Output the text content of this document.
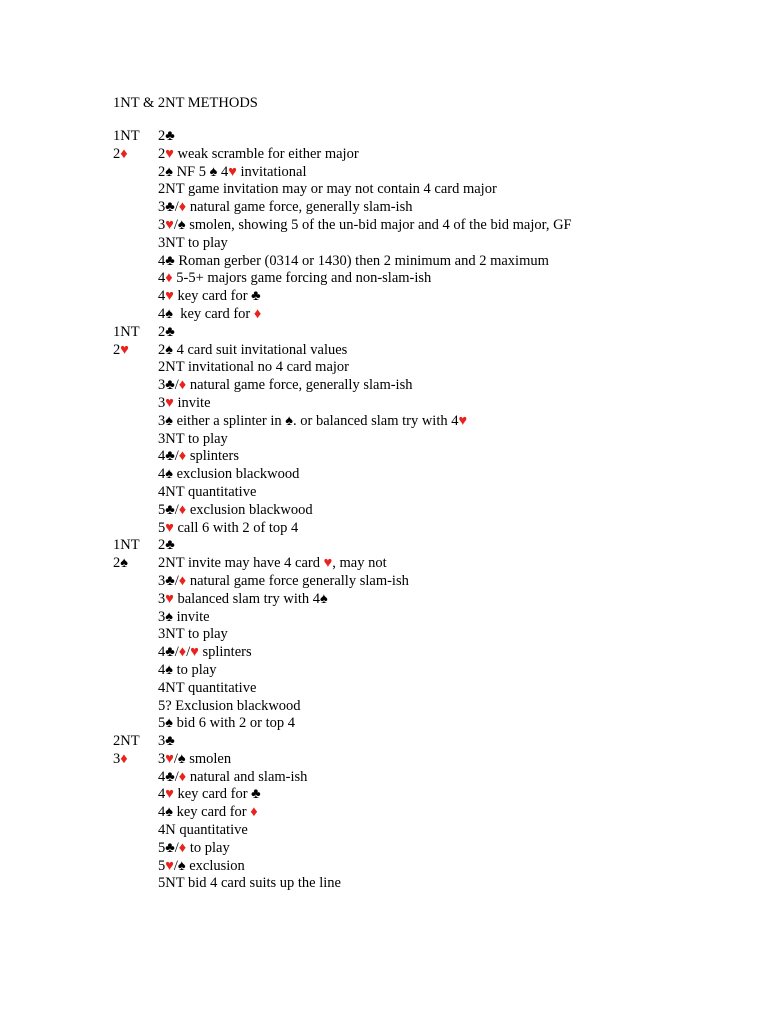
1NT & 2NT METHODS
1NT 2♣
2♦ 2♥ weak scramble for either major
2♠ NF 5 ♠ 4♥ invitational
2NT game invitation may or may not contain 4 card major
3♣/♦ natural game force, generally slam-ish
3♥/♠ smolen, showing 5 of the un-bid major and 4 of the bid major, GF
3NT to play
4♣ Roman gerber (0314 or 1430) then 2 minimum and 2 maximum
4♦ 5-5+ majors game forcing and non-slam-ish
4♥ key card for ♣
4♠  key card for ♦
1NT 2♣
2♥ 2♠ 4 card suit invitational values
2NT invitational no 4 card major
3♣/♦ natural game force, generally slam-ish
3♥ invite
3♠ either a splinter in ♠. or balanced slam try with 4♥
3NT to play
4♣/♦ splinters
4♠ exclusion blackwood
4NT quantitative
5♣/♦ exclusion blackwood
5♥ call 6 with 2 of top 4
1NT 2♣
2♠ 2NT invite may have 4 card ♥, may not
3♣/♦ natural game force generally slam-ish
3♥ balanced slam try with 4♠
3♠ invite
3NT to play
4♣/♦/♥ splinters
4♠ to play
4NT quantitative
5? Exclusion blackwood
5♠ bid 6 with 2 or top 4
2NT 3♣
3♦ 3♥/♠ smolen
4♣/♦ natural and slam-ish
4♥ key card for ♣
4♠ key card for ♦
4N quantitative
5♣/♦ to play
5♥/♠ exclusion
5NT bid 4 card suits up the line
